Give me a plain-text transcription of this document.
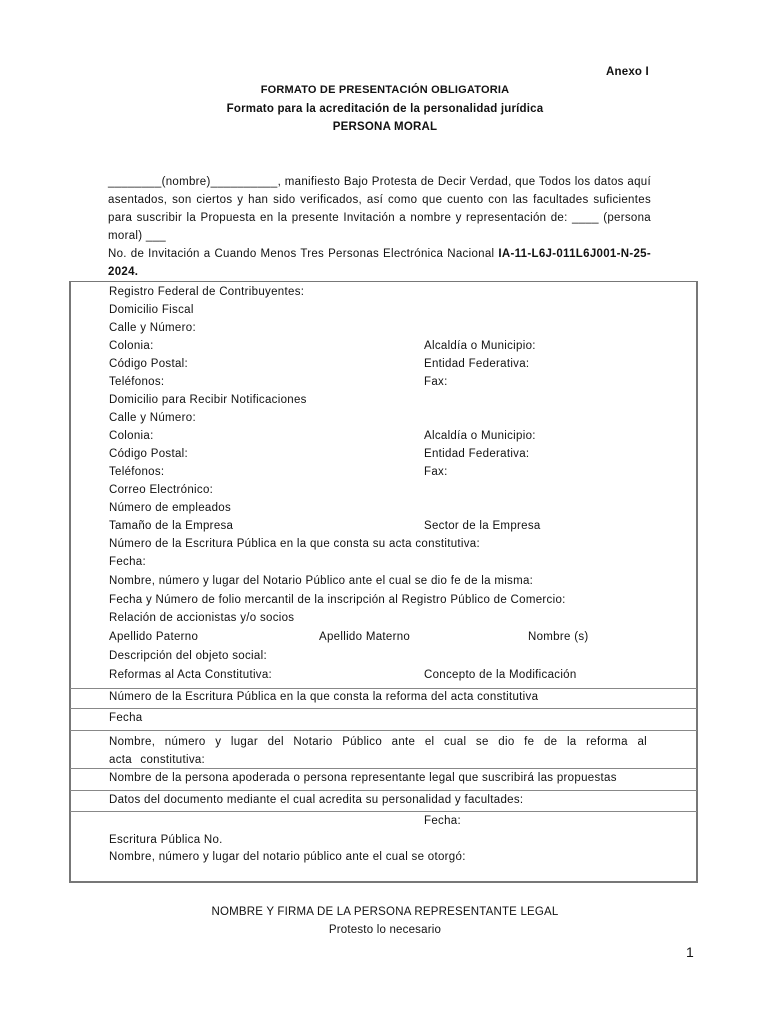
Anexo I
FORMATO DE PRESENTACIÓN OBLIGATORIA
Formato para la acreditación de la personalidad jurídica
PERSONA MORAL
________(nombre)__________, manifiesto Bajo Protesta de Decir Verdad, que Todos los datos aquí asentados, son ciertos y han sido verificados, así como que cuento con las facultades suficientes para suscribir la Propuesta en la presente Invitación a nombre y representación de: ____ (persona moral) ___
No. de Invitación a Cuando Menos Tres Personas Electrónica Nacional IA-11-L6J-011L6J001-N-25-2024.
Registro Federal de Contribuyentes:
Domicilio Fiscal
Calle y Número:
Colonia:	Alcaldía o Municipio:
Código Postal:	Entidad Federativa:
Teléfonos:	Fax:
Domicilio para Recibir Notificaciones
Calle y Número:
Colonia:	Alcaldía o Municipio:
Código Postal:	Entidad Federativa:
Teléfonos:	Fax:
Correo Electrónico:
Número de empleados
Tamaño de la Empresa	Sector de la Empresa
Número de la Escritura Pública en la que consta su acta constitutiva:
Fecha:
Nombre, número y lugar del Notario Público ante el cual se dio fe de la misma:
Fecha y Número de folio mercantil de la inscripción al Registro Público de Comercio:
Relación de accionistas y/o socios
Apellido Paterno	Apellido Materno	Nombre (s)
Descripción del objeto social:
Reformas al Acta Constitutiva:	Concepto de la Modificación
Número de la Escritura Pública en la que consta la reforma del acta constitutiva
Fecha
Nombre, número y lugar del Notario Público ante el cual se dio fe de la reforma al acta constitutiva:
Nombre de la persona apoderada o persona representante legal que suscribirá las propuestas
Datos del documento mediante el cual acredita su personalidad y facultades:
Fecha:
Escritura Pública No.
Nombre, número y lugar del notario público ante el cual se otorgó:
NOMBRE Y FIRMA DE LA PERSONA REPRESENTANTE LEGAL
Protesto lo necesario
1
